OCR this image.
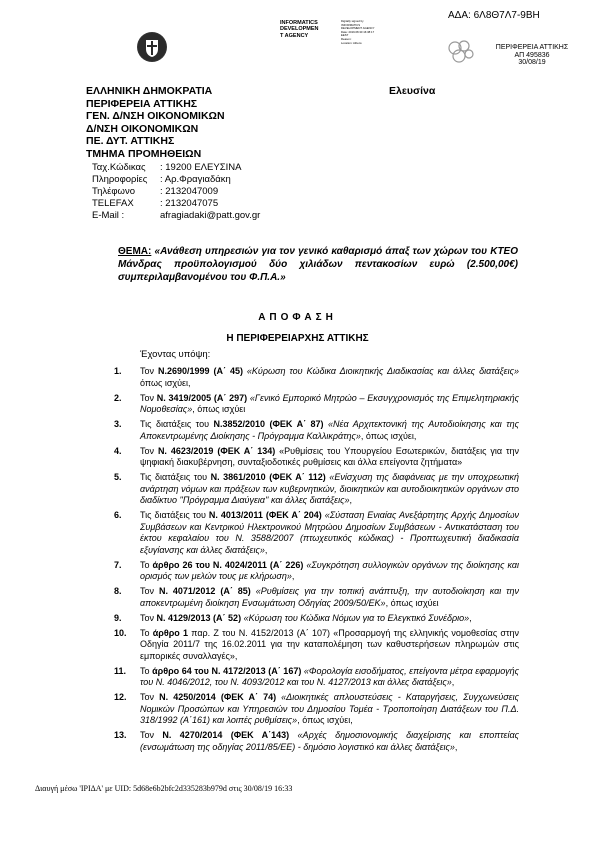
ΑΔΑ: 6Λ8Θ7Λ7-9ΒΗ
INFORMATICS
DEVELOPMEN
T AGENCY
Digitally signed by
INFORMATICS
DEVELOPMENT AGENCY
Date: 2019.08.30 16:38:17
EEST
Reason:
Location: Athens
ΠΕΡΙΦΕΡΕΙΑ ΑΤΤΙΚΗΣ
ΑΠ 495836
30/08/19
ΕΛΛΗΝΙΚΗ ΔΗΜΟΚΡΑΤΙΑ
ΠΕΡΙΦΕΡΕΙΑ ΑΤΤΙΚΗΣ
ΓΕΝ. Δ/ΝΣΗ ΟΙΚΟΝΟΜΙΚΩΝ
Δ/ΝΣΗ ΟΙΚΟΝΟΜΙΚΩΝ
ΠΕ. ΔΥΤ. ΑΤΤΙΚΗΣ
ΤΜΗΜΑ ΠΡΟΜΗΘΕΙΩΝ
Ελευσίνα
Ταχ.Κώδικας : 19200 ΕΛΕΥΣΙΝΑ
Πληροφορίες : Αρ.Φραγιαδάκη
Τηλέφωνο	: 2132047009
TELEFAX	: 2132047075
E-Mail :	afragiadaki@patt.gov.gr
ΘΕΜΑ: «Ανάθεση υπηρεσιών για τον γενικό καθαρισμό άπαξ των χώρων του ΚΤΕΟ Μάνδρας προϋπολογισμού δύο χιλιάδων πεντακοσίων ευρώ (2.500,00€) συμπεριλαμβανομένου του Φ.Π.Α.»
ΑΠΟΦΑΣΗ
Η ΠΕΡΙΦΕΡΕΙΑΡΧΗΣ ΑΤΤΙΚΗΣ
Έχοντας υπόψη:
1.	Τον Ν.2690/1999 (Α΄ 45) «Κύρωση του Κώδικα Διοικητικής Διαδικασίας και άλλες διατάξεις» όπως ισχύει,
2.	Τον Ν. 3419/2005 (Α΄ 297) «Γενικό Εμπορικό Μητρώο – Εκσυγχρονισμός της Επιμελητηριακής Νομοθεσίας», όπως ισχύει
3.	Τις διατάξεις του Ν.3852/2010 (ΦΕΚ Α΄ 87) «Νέα Αρχιτεκτονική της Αυτοδιοίκησης και της Αποκεντρωμένης Διοίκησης - Πρόγραμμα Καλλικράτης», όπως ισχύει,
4.	Τον Ν. 4623/2019 (ΦΕΚ Α΄ 134) «Ρυθμίσεις του Υπουργείου Εσωτερικών, διατάξεις για την ψηφιακή διακυβέρνηση, συνταξιοδοτικές ρυθμίσεις και άλλα επείγοντα ζητήματα»
5.	Τις διατάξεις του Ν. 3861/2010 (ΦΕΚ Α΄ 112) «Ενίσχυση της διαφάνειας με την υποχρεωτική ανάρτηση νόμων και πράξεων των κυβερνητικών, διοικητικών και αυτοδιοικητικών οργάνων στο διαδίκτυο ''Πρόγραμμα Διαύγεια'' και άλλες διατάξεις»,
6.	Τις διατάξεις του Ν. 4013/2011 (ΦΕΚ Α΄ 204) «Σύσταση Ενιαίας Ανεξάρτητης Αρχής Δημοσίων Συμβάσεων και Κεντρικού Ηλεκτρονικού Μητρώου Δημοσίων Συμβάσεων - Αντικατάσταση του έκτου κεφαλαίου του Ν. 3588/2007 (πτωχευτικός κώδικας) - Προπτωχευτική διαδικασία εξυγίανσης και άλλες διατάξεις»,
7.	Το άρθρο 26 του Ν. 4024/2011 (Α΄ 226) «Συγκρότηση συλλογικών οργάνων της διοίκησης και ορισμός των μελών τους με κλήρωση»,
8.	Τον Ν. 4071/2012 (Α΄ 85) «Ρυθμίσεις για την τοπική ανάπτυξη, την αυτοδιοίκηση και την αποκεντρωμένη διοίκηση Ενσωμάτωση Οδηγίας 2009/50/ΕΚ», όπως ισχύει
9.	Τον Ν. 4129/2013 (Α΄ 52) «Κύρωση του Κώδικα Νόμων για το Ελεγκτικό Συνέδριο»,
10.	Το άρθρο 1 παρ. Ζ του Ν. 4152/2013 (Α΄ 107) «Προσαρμογή της ελληνικής νομοθεσίας στην Οδηγία 2011/7 της 16.02.2011 για την καταπολέμηση των καθυστερήσεων πληρωμών στις εμπορικές συναλλαγές»,
11.	Το άρθρο 64 του Ν. 4172/2013 (Α΄ 167) «Φορολογία εισοδήματος, επείγοντα μέτρα εφαρμογής του Ν. 4046/2012, του Ν. 4093/2012 και του Ν. 4127/2013 και άλλες διατάξεις»,
12.	Τον Ν. 4250/2014 (ΦΕΚ Α΄ 74) «Διοικητικές απλουστεύσεις - Καταργήσεις, Συγχωνεύσεις Νομικών Προσώπων και Υπηρεσιών του Δημοσίου Τομέα - Τροποποίηση Διατάξεων του Π.Δ. 318/1992 (Α΄161) και λοιπές ρυθμίσεις», όπως ισχύει,
13.	Τον Ν. 4270/2014 (ΦΕΚ Α΄143) «Αρχές δημοσιονομικής διαχείρισης και εποπτείας (ενσωμάτωση της οδηγίας 2011/85/ΕΕ) - δημόσιο λογιστικό και άλλες διατάξεις»,
Διαυγή μέσω 'ΙΡΙΔΑ' με UID: 5d68e6b2bfc2d335283b979d στις 30/08/19 16:33
